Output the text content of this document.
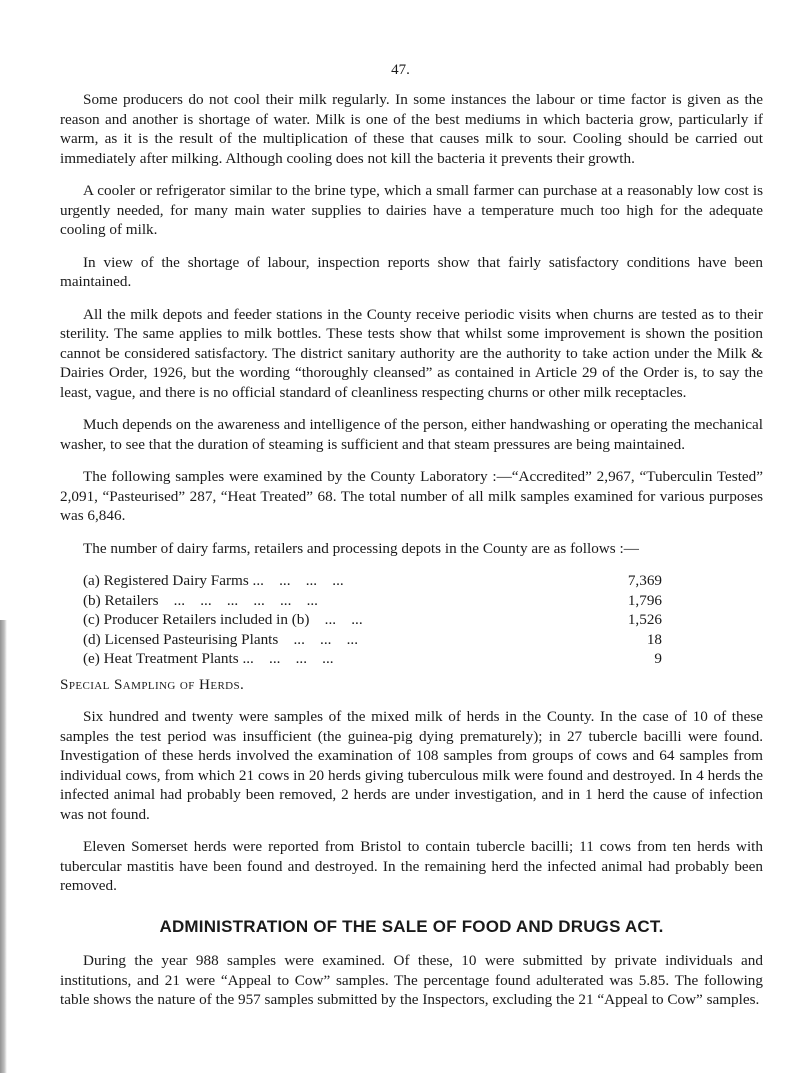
47.

Some producers do not cool their milk regularly. In some instances the labour or time factor is given as the reason and another is shortage of water. Milk is one of the best mediums in which bacteria grow, particularly if warm, as it is the result of the multiplication of these that causes milk to sour. Cooling should be carried out immediately after milking. Although cooling does not kill the bacteria it prevents their growth.

A cooler or refrigerator similar to the brine type, which a small farmer can purchase at a reasonably low cost is urgently needed, for many main water supplies to dairies have a temperature much too high for the adequate cooling of milk.

In view of the shortage of labour, inspection reports show that fairly satisfactory conditions have been maintained.

All the milk depots and feeder stations in the County receive periodic visits when churns are tested as to their sterility. The same applies to milk bottles. These tests show that whilst some improvement is shown the position cannot be considered satisfactory. The district sanitary authority are the authority to take action under the Milk & Dairies Order, 1926, but the wording “thoroughly cleansed” as contained in Article 29 of the Order is, to say the least, vague, and there is no official standard of cleanliness respecting churns or other milk receptacles.

Much depends on the awareness and intelligence of the person, either handwashing or operating the mechanical washer, to see that the duration of steaming is sufficient and that steam pressures are being maintained.

The following samples were examined by the County Laboratory :—“Accredited” 2,967, “Tuberculin Tested” 2,091, “Pasteurised” 287, “Heat Treated” 68. The total number of all milk samples examined for various purposes was 6,846.

The number of dairy farms, retailers and processing depots in the County are as follows :—

(a) Registered Dairy Farms ...    ...    ...    ...	7,369
(b) Retailers    ...    ...    ...    ...    ...    ...	1,796
(c) Producer Retailers included in (b)    ...    ...	1,526
(d) Licensed Pasteurising Plants    ...    ...    ...	18
(e) Heat Treatment Plants ...    ...    ...    ...	9
Special Sampling of Herds.

Six hundred and twenty were samples of the mixed milk of herds in the County. In the case of 10 of these samples the test period was insufficient (the guinea-pig dying prematurely); in 27 tubercle bacilli were found. Investigation of these herds involved the examination of 108 samples from groups of cows and 64 samples from individual cows, from which 21 cows in 20 herds giving tuberculous milk were found and destroyed. In 4 herds the infected animal had probably been removed, 2 herds are under investigation, and in 1 herd the cause of infection was not found.

Eleven Somerset herds were reported from Bristol to contain tubercle bacilli; 11 cows from ten herds with tubercular mastitis have been found and destroyed. In the remaining herd the infected animal had probably been removed.

ADMINISTRATION OF THE SALE OF FOOD AND DRUGS ACT.

During the year 988 samples were examined. Of these, 10 were submitted by private individuals and institutions, and 21 were “Appeal to Cow” samples. The percentage found adulterated was 5.85. The following table shows the nature of the 957 samples submitted by the Inspectors, excluding the 21 “Appeal to Cow” samples.
